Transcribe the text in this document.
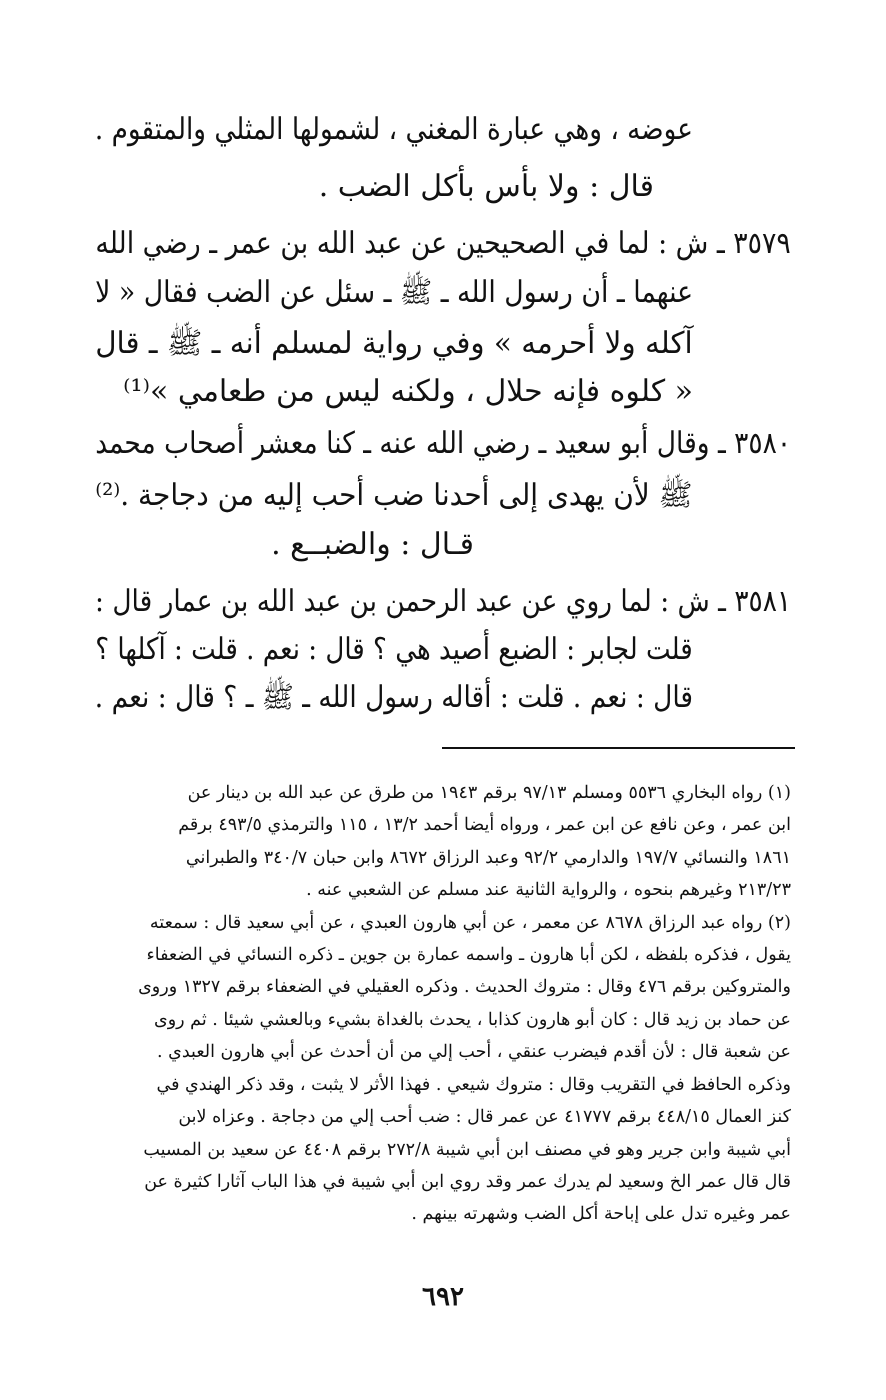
عوضه ، وهي عبارة المغني ، لشمولها المثلي والمتقوم .
قال : ولا بأس بأكل الضب .
٣٥٧٩ ـ ش : لما في الصحيحين عن عبد الله بن عمر ـ رضي الله
عنهما ـ أن رسول الله ـ ﷺ ـ سئل عن الضب فقال « لا
آكله ولا أحرمه » وفي رواية لمسلم أنه ـ ﷺ ـ قال
« كلوه فإنه حلال ، ولكنه ليس من طعامي »⁽¹⁾
٣٥٨٠ ـ وقال أبو سعيد ـ رضي الله عنه ـ كنا معشر أصحاب محمد
ﷺ لأن يهدى إلى أحدنا ضب أحب إليه من دجاجة .⁽²⁾
قـال : والضبــع .
٣٥٨١ ـ ش : لما روي عن عبد الرحمن بن عبد الله بن عمار قال :
قلت لجابر : الضبع أصيد هي ؟ قال : نعم . قلت : آكلها ؟
قال : نعم . قلت : أقاله رسول الله ـ ﷺ ـ ؟ قال : نعم .
(١) رواه البخاري ٥٥٣٦ ومسلم ٩٧/١٣ برقم ١٩٤٣ من طرق عن عبد الله بن دينار عن
ابن عمر ، وعن نافع عن ابن عمر ، ورواه أيضا أحمد ١٣/٢ ، ١١٥ والترمذي ٤٩٣/٥ برقم
١٨٦١ والنسائي ١٩٧/٧ والدارمي ٩٢/٢ وعبد الرزاق ٨٦٧٢ وابن حبان ٣٤٠/٧ والطبراني
٢١٣/٢٣ وغيرهم بنحوه ، والرواية الثانية عند مسلم عن الشعبي عنه .
(٢) رواه عبد الرزاق ٨٦٧٨ عن معمر ، عن أبي هارون العبدي ، عن أبي سعيد قال : سمعته
يقول ، فذكره بلفظه ، لكن أبا هارون ـ واسمه عمارة بن جوين ـ ذكره النسائي في الضعفاء
والمتروكين برقم ٤٧٦ وقال : متروك الحديث . وذكره العقيلي في الضعفاء برقم ١٣٢٧ وروى
عن حماد بن زيد قال : كان أبو هارون كذابا ، يحدث بالغداة بشيء وبالعشي شيئا . ثم روى
عن شعبة قال : لأن أقدم فيضرب عنقي ، أحب إلي من أن أحدث عن أبي هارون العبدي .
وذكره الحافظ في التقريب وقال : متروك شيعي . فهذا الأثر لا يثبت ، وقد ذكر الهندي في
كنز العمال ٤٤٨/١٥ برقم ٤١٧٧٧ عن عمر قال : ضب أحب إلي من دجاجة . وعزاه لابن
أبي شيبة وابن جرير وهو في مصنف ابن أبي شيبة ٢٧٢/٨ برقم ٤٤٠٨ عن سعيد بن المسيب
قال قال عمر الخ وسعيد لم يدرك عمر وقد روي ابن أبي شيبة في هذا الباب آثارا كثيرة عن
عمر وغيره تدل على إباحة أكل الضب وشهرته بينهم .
٦٩٢
